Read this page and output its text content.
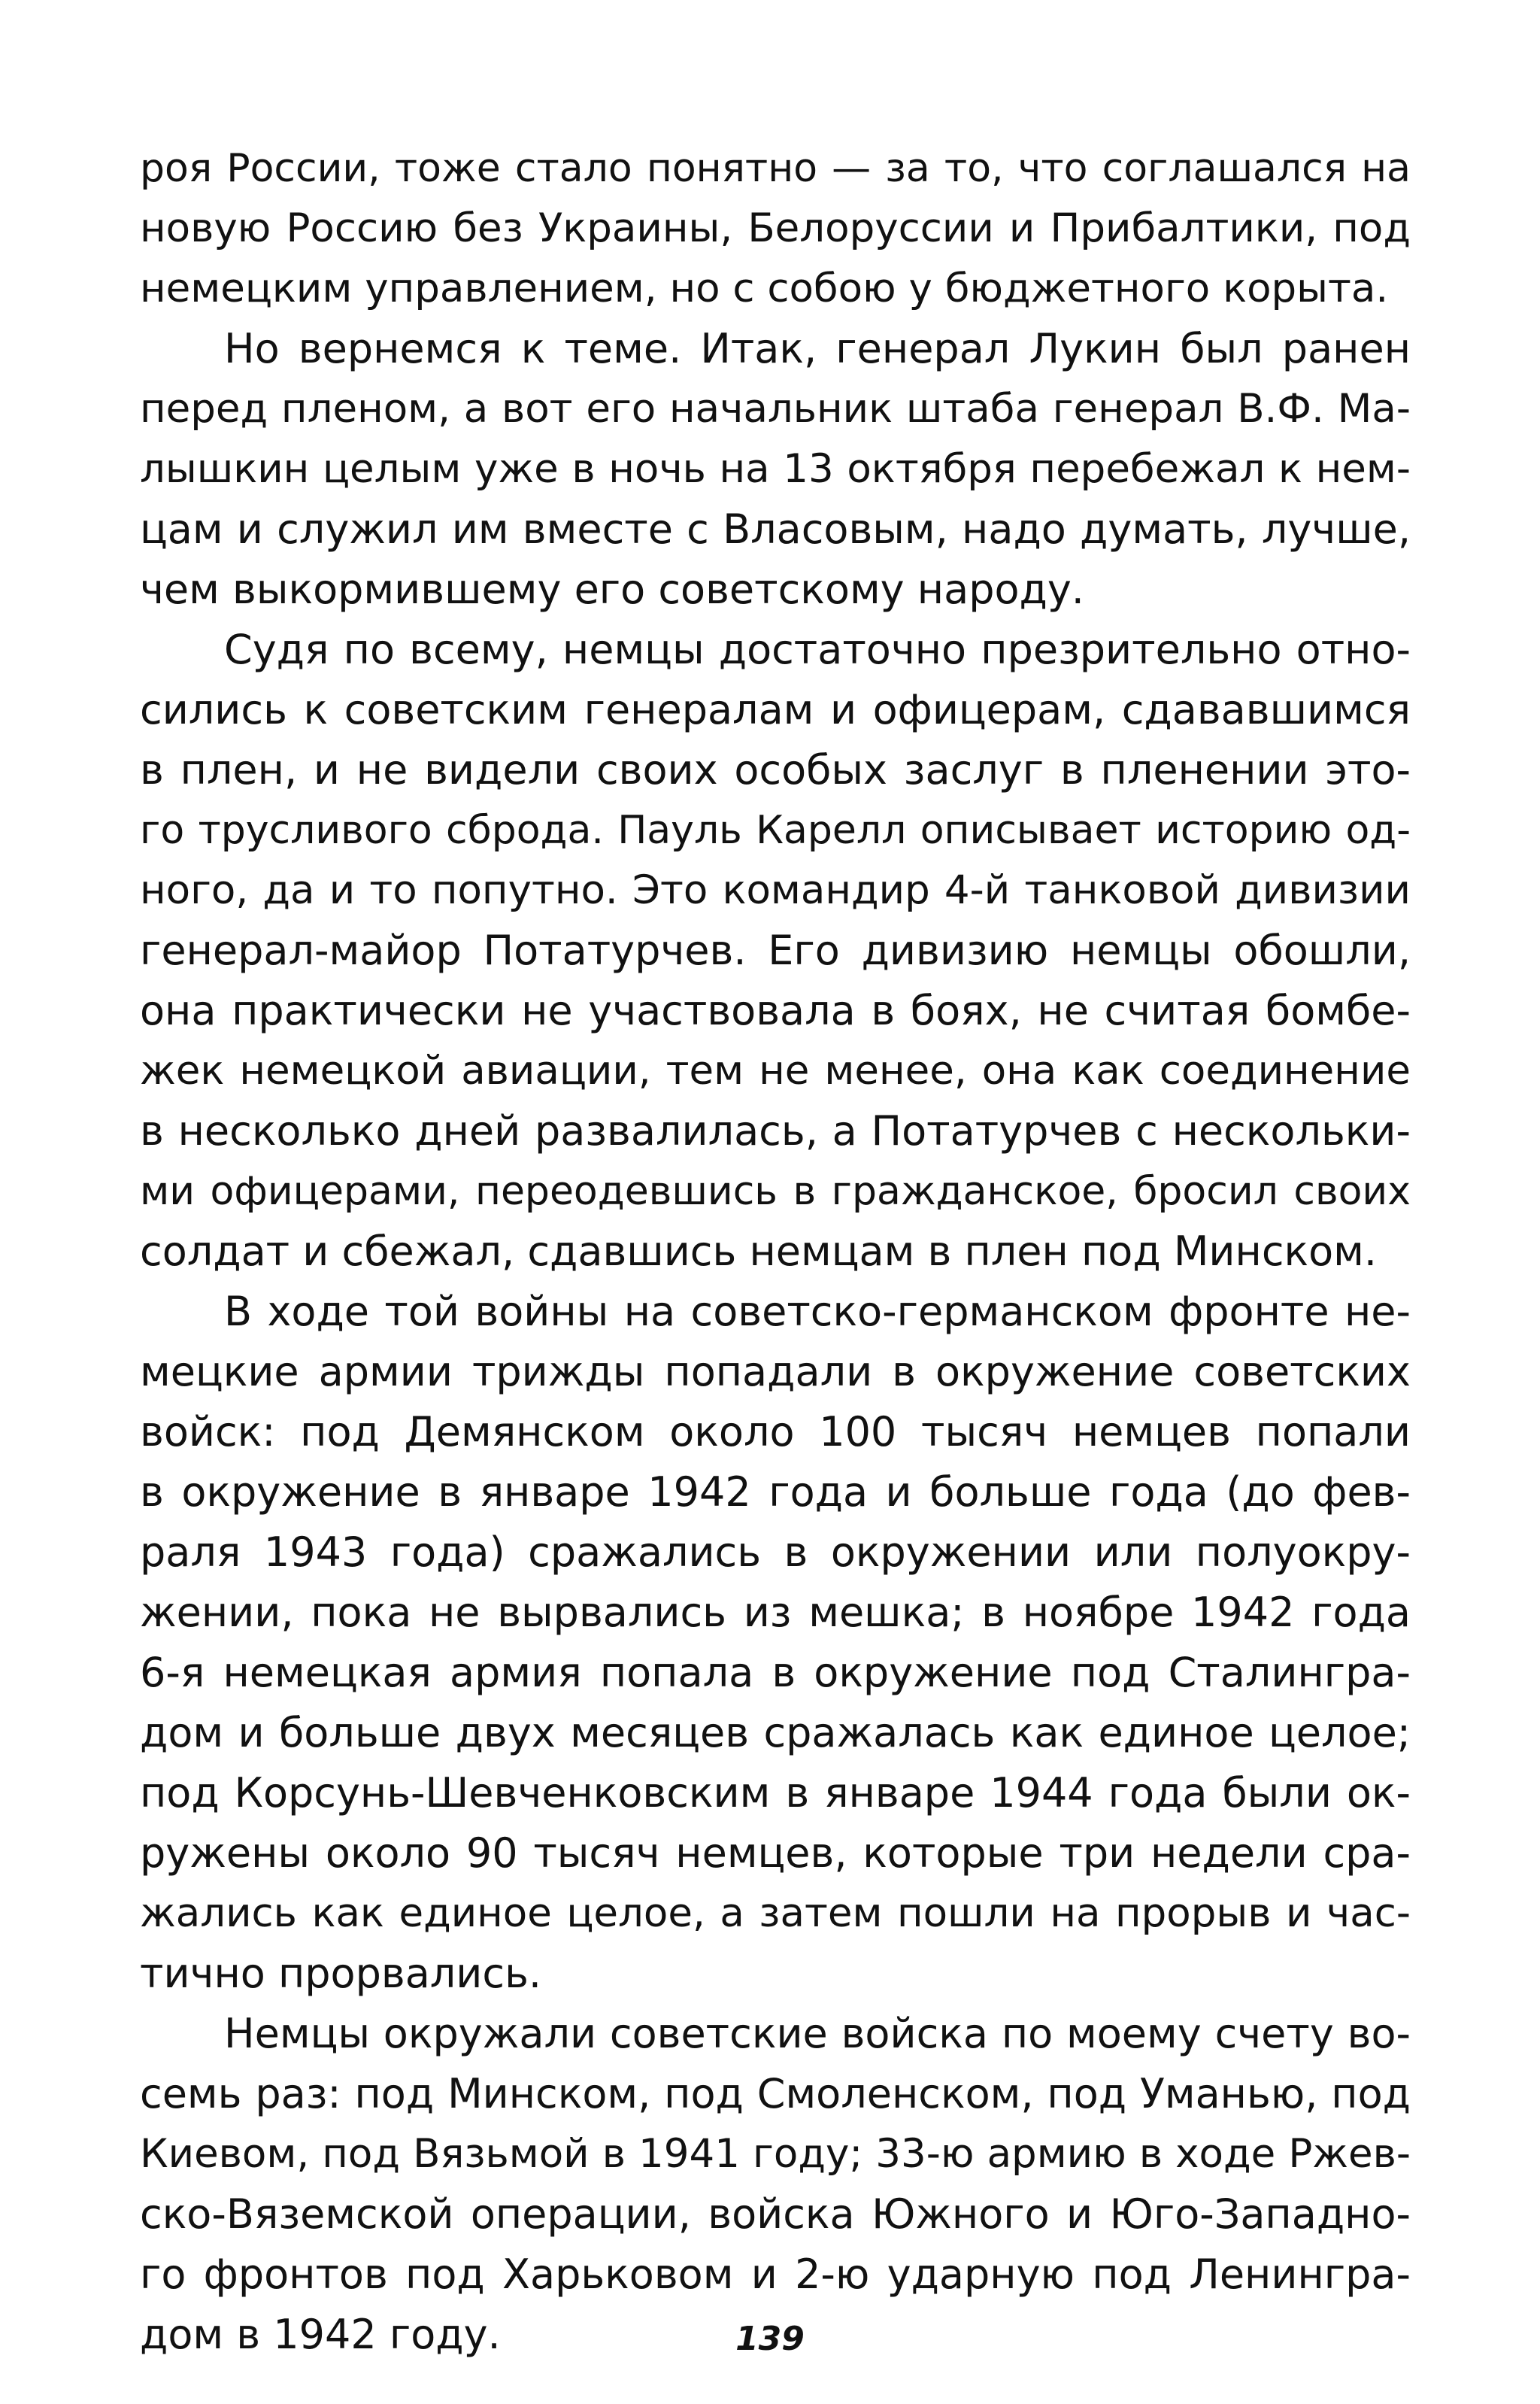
роя России, тоже стало понятно — за то, что соглашался на
новую Россию без Украины, Белоруссии и Прибалтики, под
немецким управлением, но с собою у бюджетного корыта.
Но вернемся к теме. Итак, генерал Лукин был ранен
перед пленом, а вот его начальник штаба генерал В.Ф. Ма-
лышкин целым уже в ночь на 13 октября перебежал к нем-
цам и служил им вместе с Власовым, надо думать, лучше,
чем выкормившему его советскому народу.
Судя по всему, немцы достаточно презрительно отно-
сились к советским генералам и офицерам, сдававшимся
в плен, и не видели своих особых заслуг в пленении это-
го трусливого сброда. Пауль Карелл описывает историю од-
ного, да и то попутно. Это командир 4-й танковой дивизии
генерал-майор Потатурчев. Его дивизию немцы обошли,
она практически не участвовала в боях, не считая бомбе-
жек немецкой авиации, тем не менее, она как соединение
в несколько дней развалилась, а Потатурчев с нескольки-
ми офицерами, переодевшись в гражданское, бросил своих
солдат и сбежал, сдавшись немцам в плен под Минском.
В ходе той войны на советско-германском фронте не-
мецкие армии трижды попадали в окружение советских
войск: под Демянском около 100 тысяч немцев попали
в окружение в январе 1942 года и больше года (до фев-
раля 1943 года) сражались в окружении или полуокру-
жении, пока не вырвались из мешка; в ноябре 1942 года
6-я немецкая армия попала в окружение под Сталингра-
дом и больше двух месяцев сражалась как единое целое;
под Корсунь-Шевченковским в январе 1944 года были ок-
ружены около 90 тысяч немцев, которые три недели сра-
жались как единое целое, а затем пошли на прорыв и час-
тично прорвались.
Немцы окружали советские войска по моему счету во-
семь раз: под Минском, под Смоленском, под Уманью, под
Киевом, под Вязьмой в 1941 году; 33-ю армию в ходе Ржев-
ско-Вяземской операции, войска Южного и Юго-Западно-
го фронтов под Харьковом и 2-ю ударную под Ленингра-
дом в 1942 году.	139
